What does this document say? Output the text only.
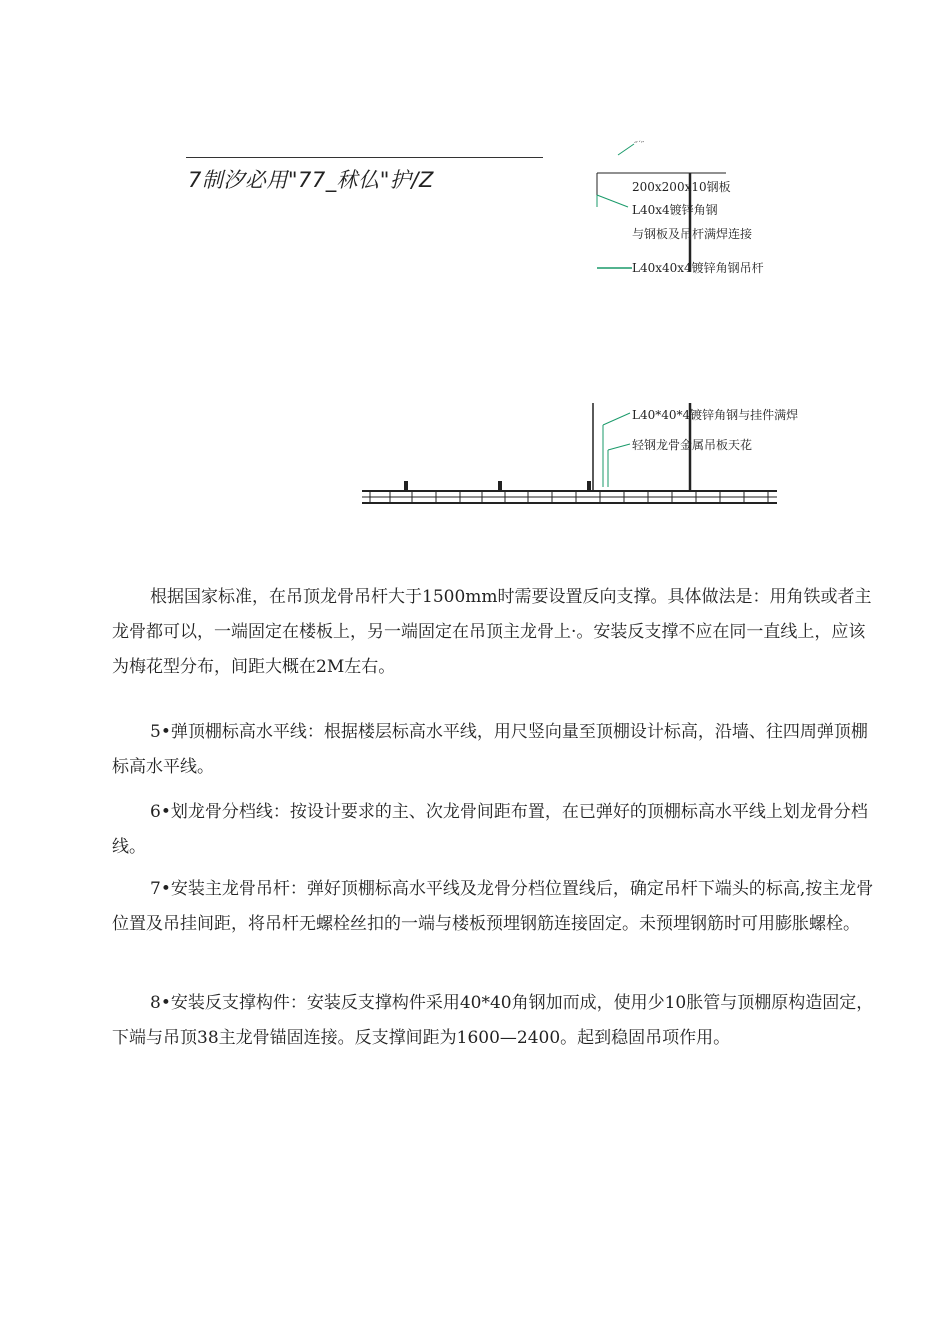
7制汐必用"77_秫仏"护/Z
‘’´’′
200x200x10钢板
L40x4镀锌角钢
与钢板及吊杆满焊连接
L40x40x4镀锌角钢吊杆
L40*40*4镀锌角钢与挂件满焊
轻钢龙骨金属吊板天花

根据国家标准，在吊顶龙骨吊杆大于1500mm时需要设置反向支撑。具体做法是：用角铁或者主龙骨都可以，一端固定在楼板上，另一端固定在吊顶主龙骨上·。安装反支撑不应在同一直线上，应该为梅花型分布，间距大概在2M左右。

5•弹顶棚标高水平线：根据楼层标高水平线，用尺竖向量至顶棚设计标高，沿墙、往四周弹顶棚标高水平线。

6•划龙骨分档线：按设计要求的主、次龙骨间距布置，在已弹好的顶棚标高水平线上划龙骨分档线。

7•安装主龙骨吊杆：弹好顶棚标高水平线及龙骨分档位置线后，确定吊杆下端头的标高,按主龙骨位置及吊挂间距，将吊杆无螺栓丝扣的一端与楼板预埋钢筋连接固定。未预埋钢筋时可用膨胀螺栓。

8•安装反支撑构件：安装反支撑构件采用40*40角钢加而成，使用少10胀管与顶棚原构造固定，下端与吊顶38主龙骨锚固连接。反支撑间距为1600—2400。起到稳固吊项作用。
